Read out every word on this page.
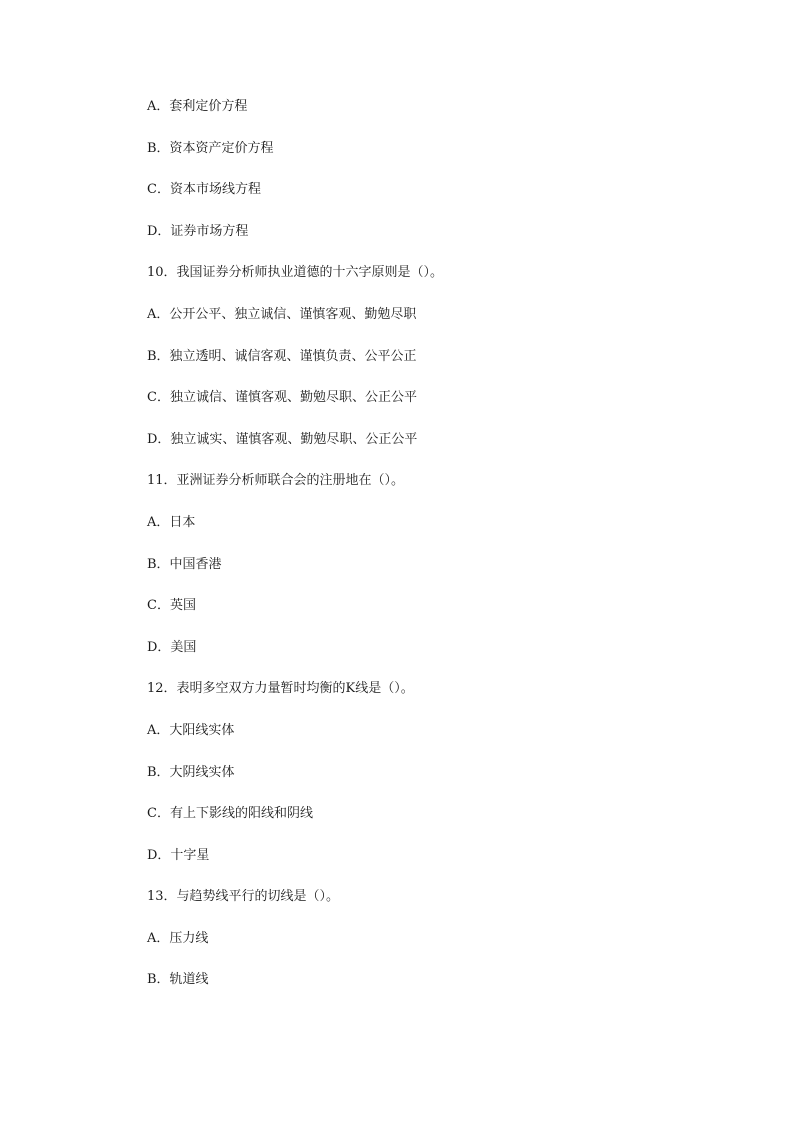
A．套利定价方程
B．资本资产定价方程
C．资本市场线方程
D．证券市场方程
10．我国证券分析师执业道德的十六字原则是（）。
A．公开公平、独立诚信、谨慎客观、勤勉尽职
B．独立透明、诚信客观、谨慎负责、公平公正
C．独立诚信、谨慎客观、勤勉尽职、公正公平
D．独立诚实、谨慎客观、勤勉尽职、公正公平
11．亚洲证券分析师联合会的注册地在（）。
A．日本
B．中国香港
C．英国
D．美国
12．表明多空双方力量暂时均衡的K线是（）。
A．大阳线实体
B．大阴线实体
C．有上下影线的阳线和阴线
D．十字星
13．与趋势线平行的切线是（）。
A．压力线
B．轨道线
